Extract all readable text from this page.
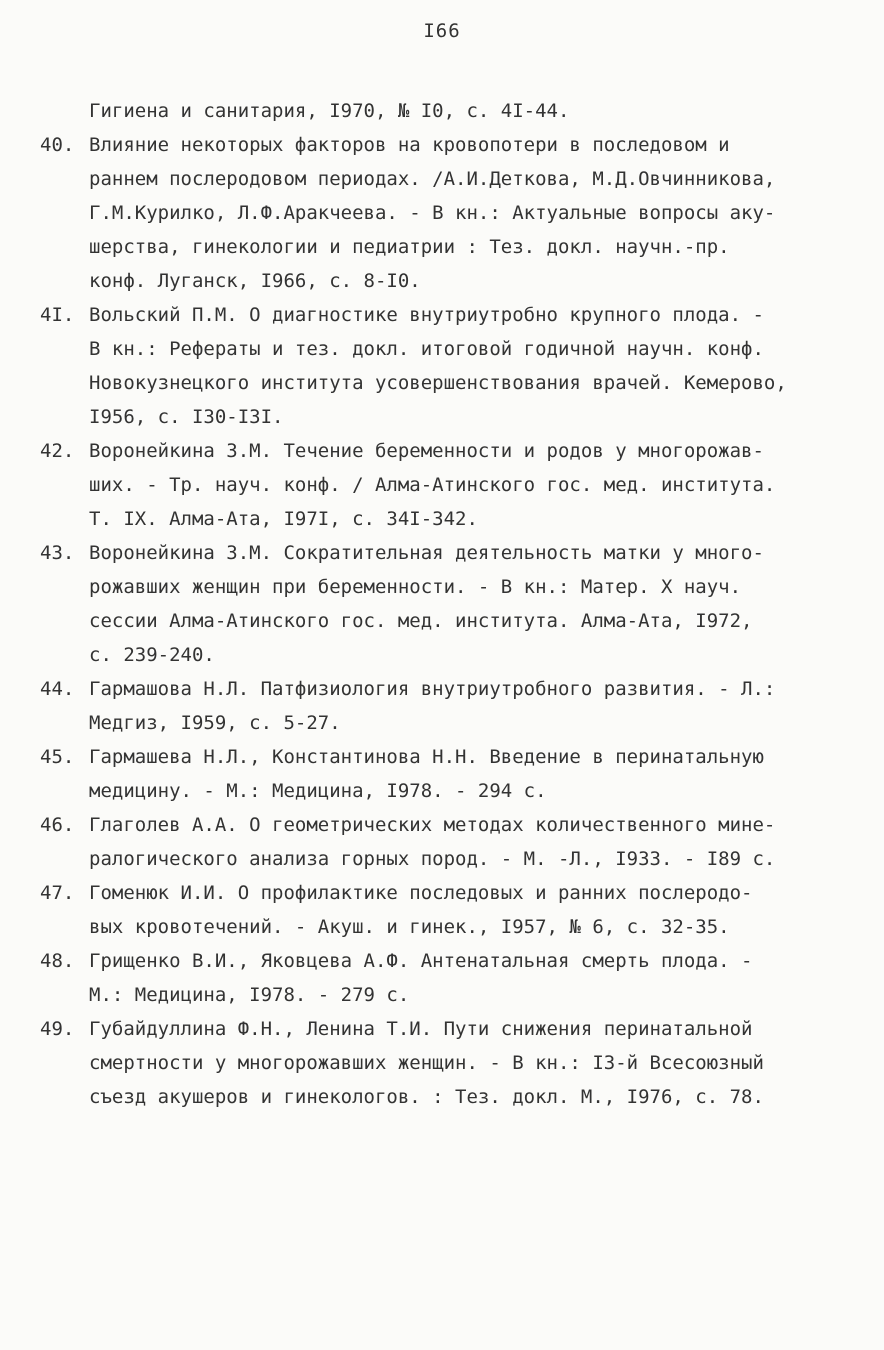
I66
Гигиена и санитария, I970, № I0, с. 4I-44.
40. Влияние некоторых факторов на кровопотери в последовом и
раннем послеродовом периодах. /А.И.Деткова, М.Д.Овчинникова,
Г.М.Курилко, Л.Ф.Аракчеева. - В кн.: Актуальные вопросы аку-
шерства, гинекологии и педиатрии : Тез. докл. научн.-пр.
конф. Луганск, I966, с. 8-I0.
4I. Вольский П.М. О диагностике внутриутробно крупного плода. -
В кн.: Рефераты и тез. докл. итоговой годичной научн. конф.
Новокузнецкого института усовершенствования врачей. Кемерово,
I956, с. I30-I3I.
42. Воронейкина З.М. Течение беременности и родов у многорожав-
ших. - Тр. науч. конф. / Алма-Атинского гос. мед. института.
Т. IX. Алма-Ата, I97I, с. 34I-342.
43. Воронейкина З.М. Сократительная деятельность матки у много-
рожавших женщин при беременности. - В кн.: Матер. Х науч.
сессии Алма-Атинского гос. мед. института. Алма-Ата, I972,
с. 239-240.
44. Гармашова Н.Л. Патфизиология внутриутробного развития. - Л.:
Медгиз, I959, с. 5-27.
45. Гармашева Н.Л., Константинова Н.Н. Введение в перинатальную
медицину. - М.: Медицина, I978. - 294 с.
46. Глаголев А.А. О геометрических методах количественного мине-
ралогического анализа горных пород. - М. -Л., I933. - I89 с.
47. Гоменюк И.И. О профилактике последовых и ранних послеродо-
вых кровотечений. - Акуш. и гинек., I957, № 6, с. 32-35.
48. Грищенко В.И., Яковцева А.Ф. Антенатальная смерть плода. -
М.: Медицина, I978. - 279 с.
49. Губайдуллина Ф.Н., Ленина Т.И. Пути снижения перинатальной
смертности у многорожавших женщин. - В кн.: I3-й Всесоюзный
съезд акушеров и гинекологов. : Тез. докл. М., I976, с. 78.
